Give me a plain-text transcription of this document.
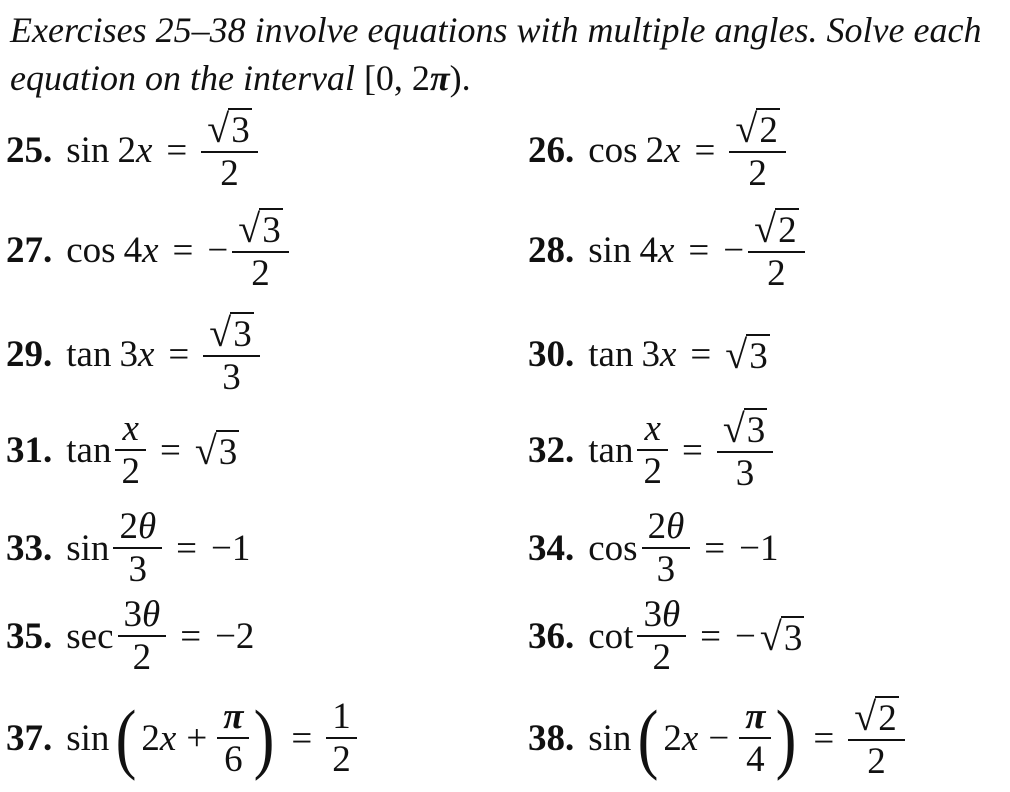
Exercises 25–38 involve equations with multiple angles. Solve each equation on the interval [0, 2π).

25. sin 2 $x = \frac{√ 3}{2}$	26. cos 2 $x = \frac{√ 2}{2}$
27. cos 4 x = − $\frac{√ 3}{2}$	28. sin 4 x = − $\frac{√ 2}{2}$
29. tan 3 $x = \frac{√ 3}{3}$	30. tan 3 x = √ 3
31. $\tan \frac{x}{2}$ = √ 3	32. $\tan \frac{x}{2} = \frac{√ 3}{3}$
33. $\sin \frac{2\theta}{3} = -1$	34. $\cos \frac{2\theta}{3} = -1$
35. $\sec \frac{3\theta}{2} = -2$	36. $\cot \frac{3\theta}{2}$ = − √ 3
37. sin ( 2 $x + \frac{\pi}{6}$ ) = $\frac{1}{2}$	38. sin ( 2 $x - \frac{\pi}{4}$ ) = $\frac{√ 2}{2}$
